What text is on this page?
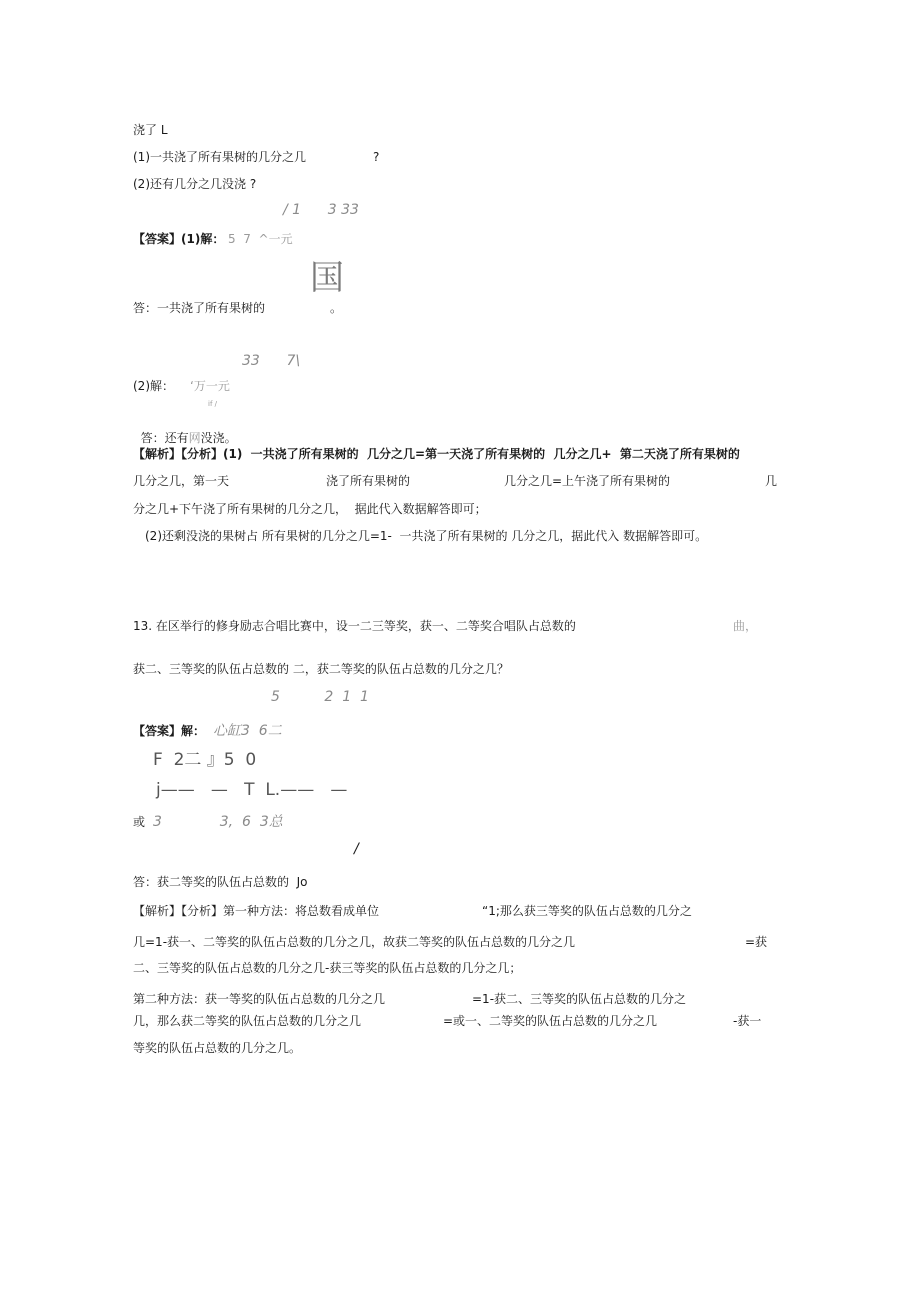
浇了 L
(1)一共浇了所有果树的几分之几	?
(2)还有几分之几没浇 ?
/ 1      3 33
【答案】(1)解： 5  7  ^一元
国
答：一共浇了所有果树的	。
33      7\
(2)解： ‘万一元
if /

答：还有网没浇。

【解析】【分析】(1)  一共浇了所有果树的  几分之几=第一天浇了所有果树的  几分之几+  第二天浇了所有果树的
几分之几，第一天	浇了所有果树的	几分之几=上午浇了所有果树的	几
分之几+下午浇了所有果树的几分之几，  据此代入数据解答即可；
(2)还剩没浇的果树占 所有果树的几分之几=1-  一共浇了所有果树的 几分之几，据此代入 数据解答即可。
13. 在区举行的修身励志合唱比赛中，设一二三等奖，获一、二等奖合唱队占总数的	曲，
获二、三等奖的队伍占总数的 二，获二等奖的队伍占总数的几分之几？
5          2  1  1
【答案】解： 心缸3  6二
F  2二 』5  0
j——   —   T  L.——   —
或 3             3,  6  3总
/
答：获二等奖的队伍占总数的  Jo
【解析】【分析】第一种方法：将总数看成单位	“1;那么获三等奖的队伍占总数的几分之
几=1-获一、二等奖的队伍占总数的几分之几，故获二等奖的队伍占总数的几分之几	=获
二、三等奖的队伍占总数的几分之几-获三等奖的队伍占总数的几分之几；
第二种方法：获一等奖的队伍占总数的几分之几	=1-获二、三等奖的队伍占总数的几分之
几，那么获二等奖的队伍占总数的几分之几	=或一、二等奖的队伍占总数的几分之几	-获一
等奖的队伍占总数的几分之几。
